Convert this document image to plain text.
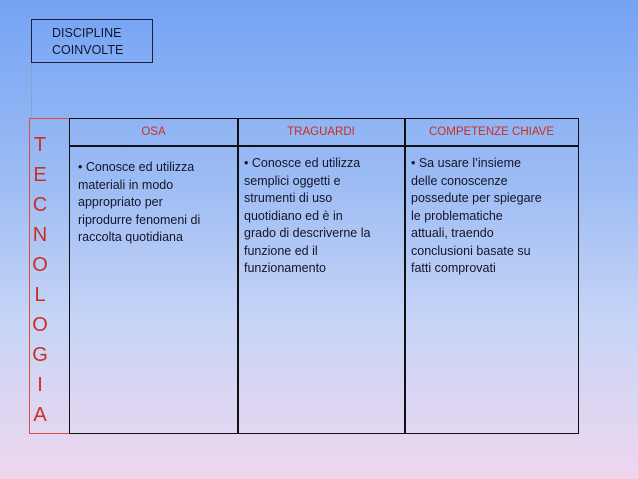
DISCIPLINE
COINVOLTE
T
E
C
N
O
L
O
G
I
A
OSA	TRAGUARDI	COMPETENZE CHIAVE
• Conosce ed utilizza
materiali in modo
appropriato per
riprodurre fenomeni di
raccolta quotidiana
• Conosce ed utilizza
semplici oggetti e
strumenti di uso
quotidiano ed è in
grado di descriverne la
funzione ed il
funzionamento
• Sa usare l’insieme
delle conoscenze
possedute per spiegare
le problematiche
attuali, traendo
conclusioni basate su
fatti comprovati
